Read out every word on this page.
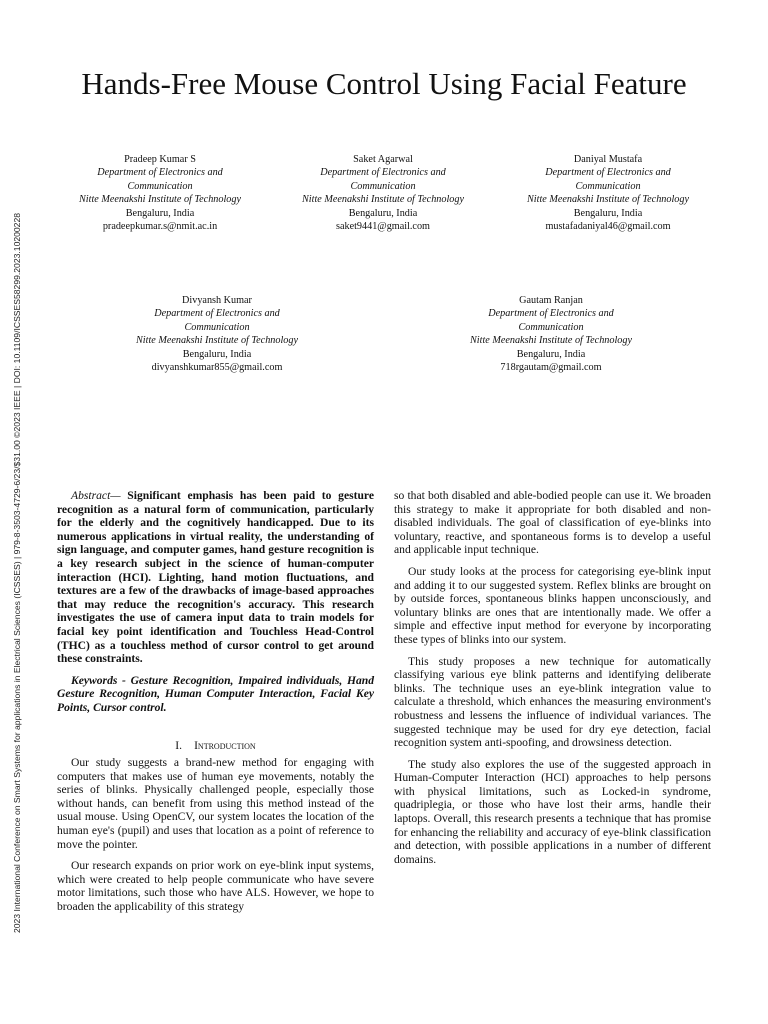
2023 International Conference on Smart Systems for applications in Electrical Sciences (ICSSES) | 979-8-3503-4729-6/23/$31.00 ©2023 IEEE | DOI: 10.1109/ICSSES58299.2023.10200228
Hands-Free Mouse Control Using Facial Feature
Pradeep Kumar S
Department of Electronics and
Communication
Nitte Meenakshi Institute of Technology
Bengaluru, India
pradeepkumar.s@nmit.ac.in
Saket Agarwal
Department of Electronics and
Communication
Nitte Meenakshi Institute of Technology
Bengaluru, India
saket9441@gmail.com
Daniyal Mustafa
Department of Electronics and
Communication
Nitte Meenakshi Institute of Technology
Bengaluru, India
mustafadaniyal46@gmail.com
Divyansh Kumar
Department of Electronics and
Communication
Nitte Meenakshi Institute of Technology
Bengaluru, India
divyanshkumar855@gmail.com
Gautam Ranjan
Department of Electronics and
Communication
Nitte Meenakshi Institute of Technology
Bengaluru, India
718rgautam@gmail.com

Abstract— Significant emphasis has been paid to gesture recognition as a natural form of communication, particularly for the elderly and the cognitively handicapped. Due to its numerous applications in virtual reality, the understanding of sign language, and computer games, hand gesture recognition is a key research subject in the science of human-computer interaction (HCI). Lighting, hand motion fluctuations, and textures are a few of the drawbacks of image-based approaches that may reduce the recognition's accuracy. This research investigates the use of camera input data to train models for facial key point identification and Touchless Head-Control (THC) as a touchless method of cursor control to get around these constraints.

Keywords - Gesture Recognition, Impaired individuals, Hand Gesture Recognition, Human Computer Interaction, Facial Key Points, Cursor control.

I. Introduction

Our study suggests a brand-new method for engaging with computers that makes use of human eye movements, notably the series of blinks. Physically challenged people, especially those without hands, can benefit from using this method instead of the usual mouse. Using OpenCV, our system locates the location of the human eye's (pupil) and uses that location as a point of reference to move the pointer.

Our research expands on prior work on eye-blink input systems, which were created to help people communicate who have severe motor limitations, such those who have ALS. However, we hope to broaden the applicability of this strategy

so that both disabled and able-bodied people can use it. We broaden this strategy to make it appropriate for both disabled and non-disabled individuals. The goal of classification of eye-blinks into voluntary, reactive, and spontaneous forms is to develop a useful and applicable input technique.

Our study looks at the process for categorising eye-blink input and adding it to our suggested system. Reflex blinks are brought on by outside forces, spontaneous blinks happen unconsciously, and voluntary blinks are ones that are intentionally made. We offer a simple and effective input method for everyone by incorporating these types of blinks into our system.

This study proposes a new technique for automatically classifying various eye blink patterns and identifying deliberate blinks. The technique uses an eye-blink integration value to calculate a threshold, which enhances the measuring environment's robustness and lessens the influence of individual variances. The suggested technique may be used for dry eye detection, facial recognition system anti-spoofing, and drowsiness detection.

The study also explores the use of the suggested approach in Human-Computer Interaction (HCI) approaches to help persons with physical limitations, such as Locked-in syndrome, quadriplegia, or those who have lost their arms, handle their laptops. Overall, this research presents a technique that has promise for enhancing the reliability and accuracy of eye-blink classification and detection, with possible applications in a number of different domains.
